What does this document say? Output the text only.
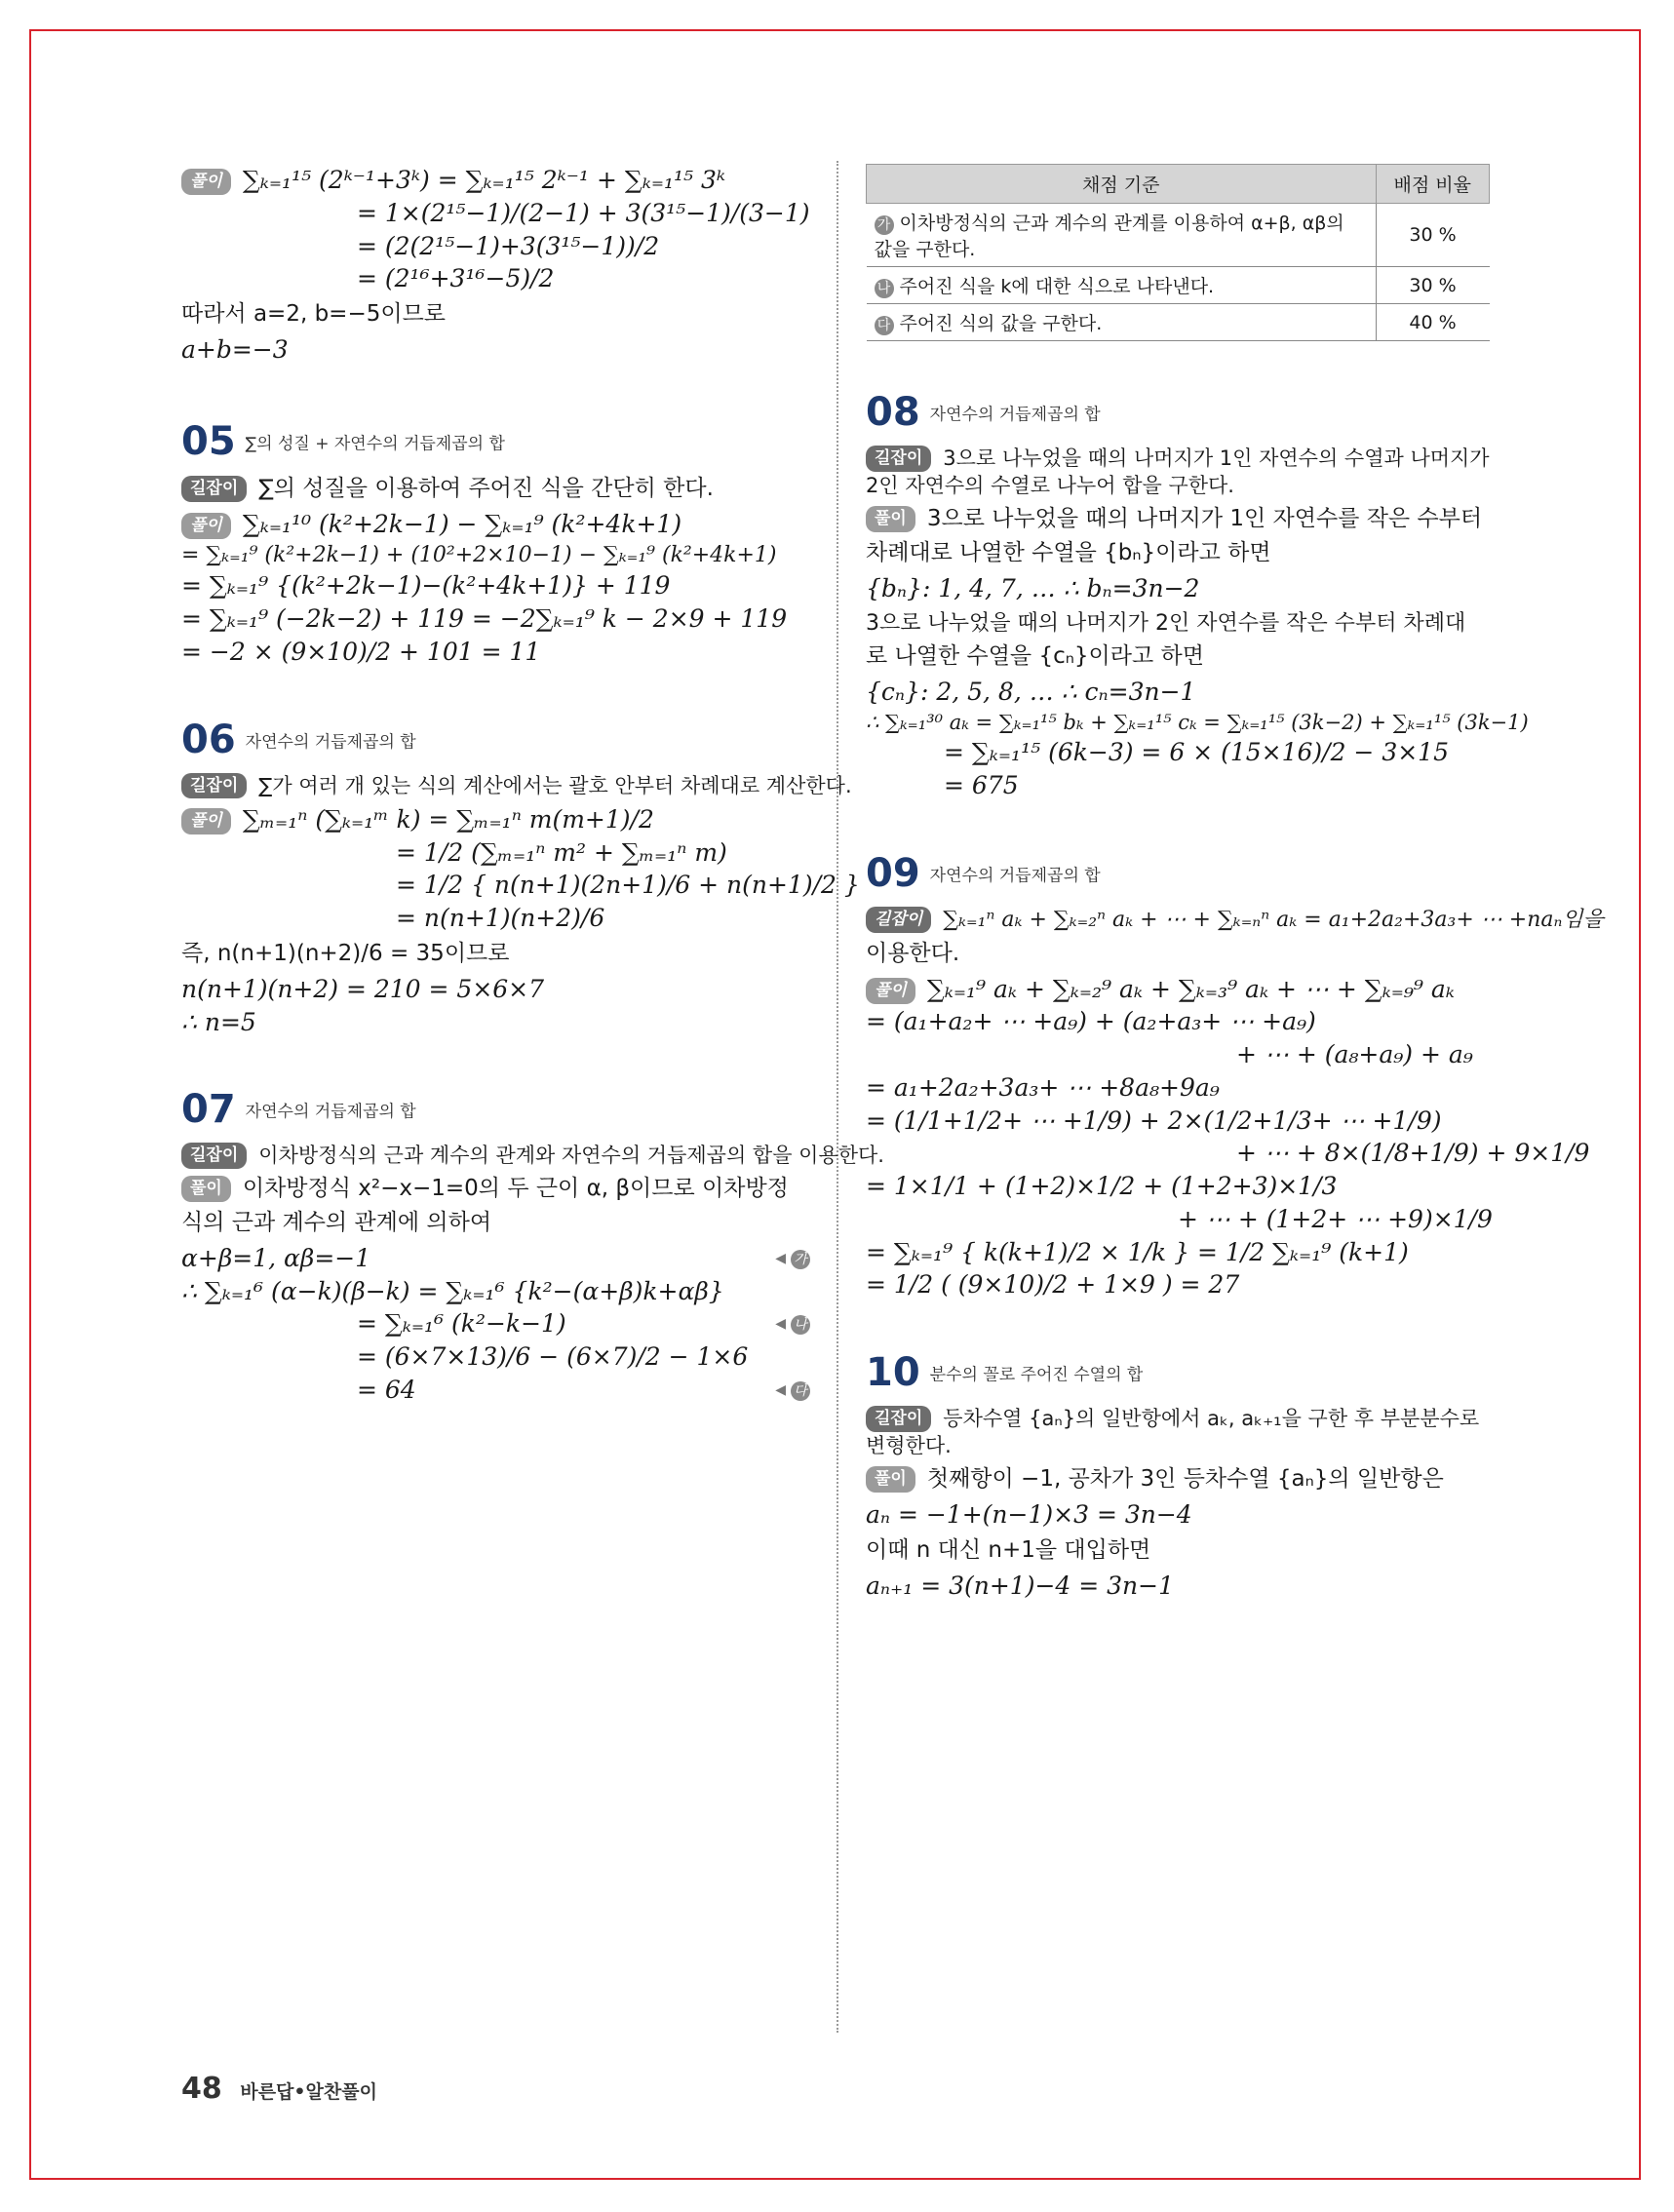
풀이 ∑ₖ₌₁¹⁵ (2ᵏ⁻¹+3ᵏ) = ∑ₖ₌₁¹⁵ 2ᵏ⁻¹ + ∑ₖ₌₁¹⁵ 3ᵏ
= 1×(2¹⁵−1)/(2−1) + 3(3¹⁵−1)/(3−1)
= (2(2¹⁵−1)+3(3¹⁵−1))/2
= (2¹⁶+3¹⁶−5)/2
따라서 a=2, b=−5이므로
a+b=−3
05 ∑의 성질 + 자연수의 거듭제곱의 합
길잡이 ∑의 성질을 이용하여 주어진 식을 간단히 한다.
풀이 ∑ₖ₌₁¹⁰ (k²+2k−1) − ∑ₖ₌₁⁹ (k²+4k+1)
= ∑ₖ₌₁⁹ (k²+2k−1) + (10²+2×10−1) − ∑ₖ₌₁⁹ (k²+4k+1)
= ∑ₖ₌₁⁹ {(k²+2k−1)−(k²+4k+1)} + 119
= ∑ₖ₌₁⁹ (−2k−2) + 119 = −2∑ₖ₌₁⁹ k − 2×9 + 119
= −2 × (9×10)/2 + 101 = 11
06 자연수의 거듭제곱의 합
길잡이 ∑가 여러 개 있는 식의 계산에서는 괄호 안부터 차례대로 계산한다.
풀이 ∑ₘ₌₁ⁿ (∑ₖ₌₁ᵐ k) = ∑ₘ₌₁ⁿ m(m+1)/2
= 1/2 (∑ₘ₌₁ⁿ m² + ∑ₘ₌₁ⁿ m)
= 1/2 { n(n+1)(2n+1)/6 + n(n+1)/2 }
= n(n+1)(n+2)/6
즉, n(n+1)(n+2)/6 = 35이므로
n(n+1)(n+2) = 210 = 5×6×7
∴ n=5
07 자연수의 거듭제곱의 합
길잡이 이차방정식의 근과 계수의 관계와 자연수의 거듭제곱의 합을 이용한다.
풀이 이차방정식 x²−x−1=0의 두 근이 α, β이므로 이차방정
식의 근과 계수의 관계에 의하여
α+β=1, αβ=−1	◀ 가
∴ ∑ₖ₌₁⁶ (α−k)(β−k) = ∑ₖ₌₁⁶ {k²−(α+β)k+αβ}
= ∑ₖ₌₁⁶ (k²−k−1)	◀ 나
= (6×7×13)/6 − (6×7)/2 − 1×6
= 64	◀ 다
채점 기준	배점 비율
가 이차방정식의 근과 계수의 관계를 이용하여 α+β, αβ의 값을 구한다.	30 %
나 주어진 식을 k에 대한 식으로 나타낸다.	30 %
다 주어진 식의 값을 구한다.	40 %
08 자연수의 거듭제곱의 합
길잡이 3으로 나누었을 때의 나머지가 1인 자연수의 수열과 나머지가 2인 자연수의 수열로 나누어 합을 구한다.
풀이 3으로 나누었을 때의 나머지가 1인 자연수를 작은 수부터
차례대로 나열한 수열을 {bₙ}이라고 하면
{bₙ}: 1, 4, 7, … ∴ bₙ=3n−2
3으로 나누었을 때의 나머지가 2인 자연수를 작은 수부터 차례대
로 나열한 수열을 {cₙ}이라고 하면
{cₙ}: 2, 5, 8, … ∴ cₙ=3n−1
∴ ∑ₖ₌₁³⁰ aₖ = ∑ₖ₌₁¹⁵ bₖ + ∑ₖ₌₁¹⁵ cₖ = ∑ₖ₌₁¹⁵ (3k−2) + ∑ₖ₌₁¹⁵ (3k−1)
= ∑ₖ₌₁¹⁵ (6k−3) = 6 × (15×16)/2 − 3×15
= 675
09 자연수의 거듭제곱의 합
길잡이 ∑ₖ₌₁ⁿ aₖ + ∑ₖ₌₂ⁿ aₖ + ⋯ + ∑ₖ₌ₙⁿ aₖ = a₁+2a₂+3a₃+ ⋯ +naₙ임을
이용한다.
풀이 ∑ₖ₌₁⁹ aₖ + ∑ₖ₌₂⁹ aₖ + ∑ₖ₌₃⁹ aₖ + ⋯ + ∑ₖ₌₉⁹ aₖ
= (a₁+a₂+ ⋯ +a₉) + (a₂+a₃+ ⋯ +a₉)
+ ⋯ + (a₈+a₉) + a₉
= a₁+2a₂+3a₃+ ⋯ +8a₈+9a₉
= (1/1+1/2+ ⋯ +1/9) + 2×(1/2+1/3+ ⋯ +1/9)
+ ⋯ + 8×(1/8+1/9) + 9×1/9
= 1×1/1 + (1+2)×1/2 + (1+2+3)×1/3
+ ⋯ + (1+2+ ⋯ +9)×1/9
= ∑ₖ₌₁⁹ { k(k+1)/2 × 1/k } = 1/2 ∑ₖ₌₁⁹ (k+1)
= 1/2 ( (9×10)/2 + 1×9 ) = 27
10 분수의 꼴로 주어진 수열의 합
길잡이 등차수열 {aₙ}의 일반항에서 aₖ, aₖ₊₁을 구한 후 부분분수로 변형한다.
풀이 첫째항이 −1, 공차가 3인 등차수열 {aₙ}의 일반항은
aₙ = −1+(n−1)×3 = 3n−4
이때 n 대신 n+1을 대입하면
aₙ₊₁ = 3(n+1)−4 = 3n−1
48 바른답•알찬풀이
